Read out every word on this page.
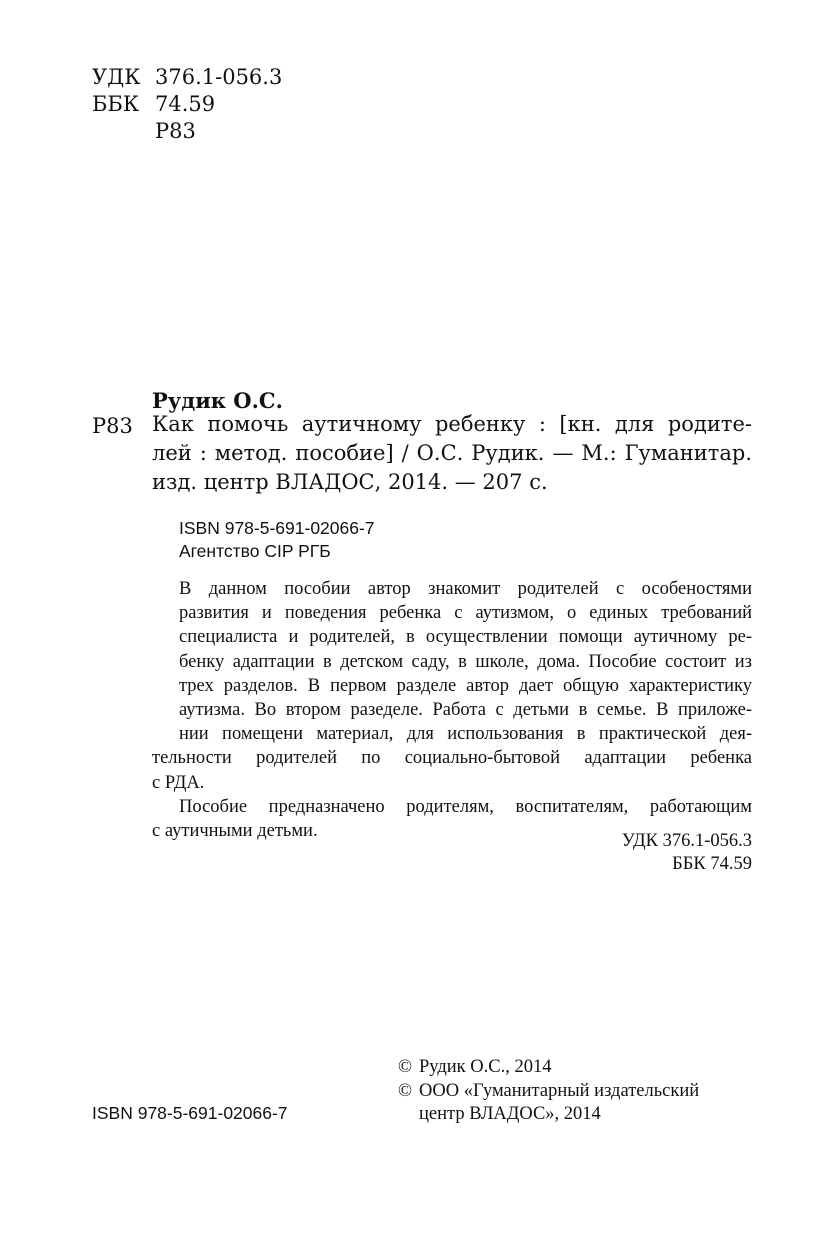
УДК 376.1-056.3
ББК 74.59
Р83
Рудик О.С.
Р83 Как помочь аутичному ребенку : [кн. для родите-
лей : метод. пособие] / О.С. Рудик. — М.: Гуманитар.
изд. центр ВЛАДОС, 2014. — 207 с.
ISBN 978-5-691-02066-7
Агентство CIP РГБ
В данном пособии автор знакомит родителей с особеностями
развития и поведения ребенка с аутизмом, о единых требований
специалиста и родителей, в осуществлении помощи аутичному ре-
бенку адаптации в детском саду, в школе, дома. Пособие состоит из
трех разделов. В первом разделе автор дает общую характеристику
аутизма. Во втором разеделе. Работа с детьми в семье. В приложе-
нии помещени материал, для использования в практической дея-
тельности родителей по социально-бытовой адаптации ребенка
с РДА.
Пособие предназначено родителям, воспитателям, работающим
с аутичными детьми.
УДК 376.1-056.3
ББК 74.59
ISBN 978-5-691-02066-7
© Рудик О.С., 2014
© ООО «Гуманитарный издательский
центр ВЛАДОС», 2014
